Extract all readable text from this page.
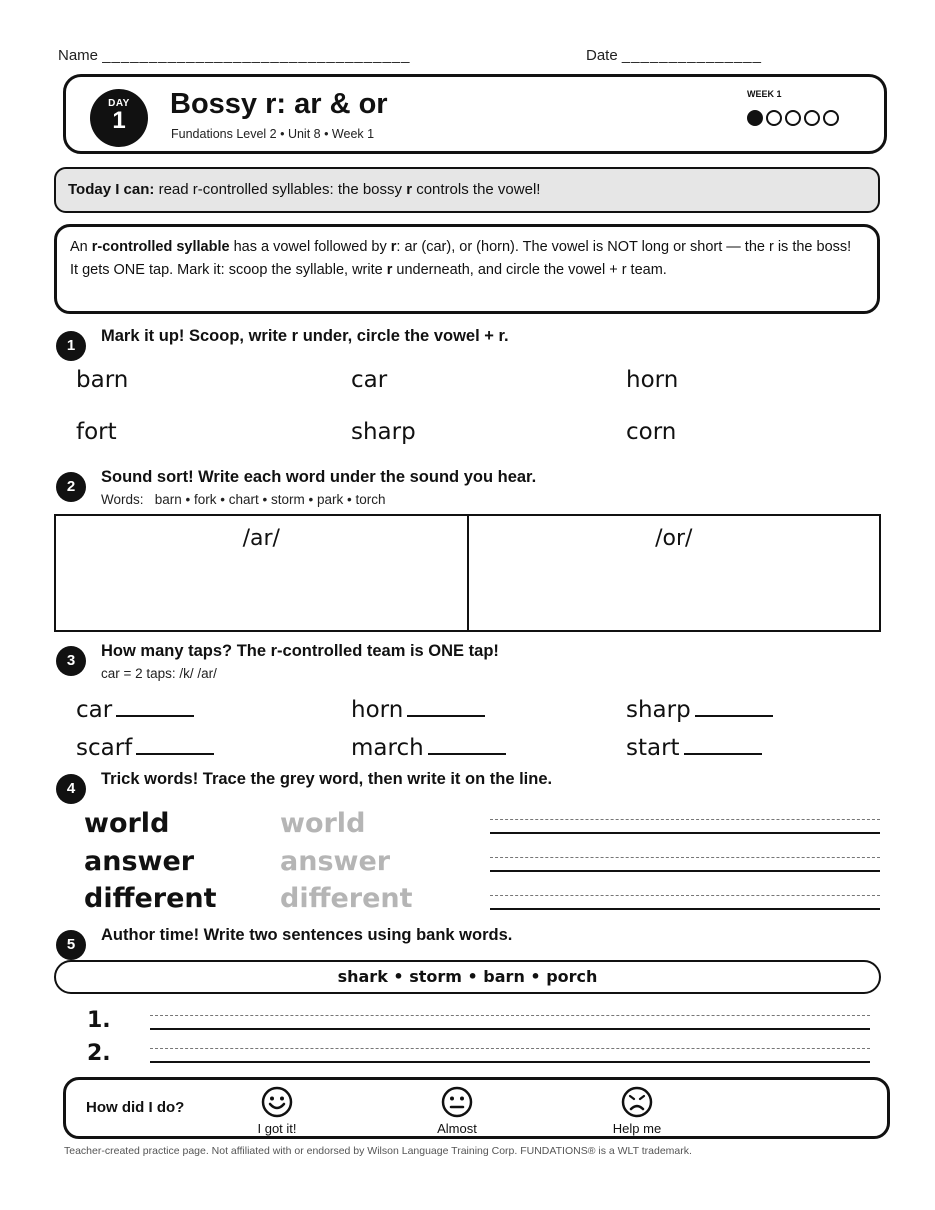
Name _________________________________	Date _______________
DAY
1
Bossy r: ar & or
Fundations Level 2 • Unit 8 • Week 1
WEEK 1
Today I can: read r-controlled syllables: the bossy r controls the vowel!
An r-controlled syllable has a vowel followed by r: ar (car), or (horn). The vowel is NOT long or short — the r is the boss!
It gets ONE tap. Mark it: scoop the syllable, write r underneath, and circle the vowel + r team.
1
Mark it up! Scoop, write r under, circle the vowel + r.
barn	car	horn
fort	sharp	corn
2
Sound sort! Write each word under the sound you hear.
Words:   barn • fork • chart • storm • park • torch
/ar/	/or/
3
How many taps? The r-controlled team is ONE tap!
car = 2 taps: /k/ /ar/
car	horn	sharp
scarf	march	start
4
Trick words! Trace the grey word, then write it on the line.
world	world
answer	answer
different different
5
Author time! Write two sentences using bank words.
shark • storm • barn • porch
1.
2.
How did I do?
I got it!	Almost	Help me
Teacher-created practice page. Not affiliated with or endorsed by Wilson Language Training Corp. FUNDATIONS® is a WLT trademark.
